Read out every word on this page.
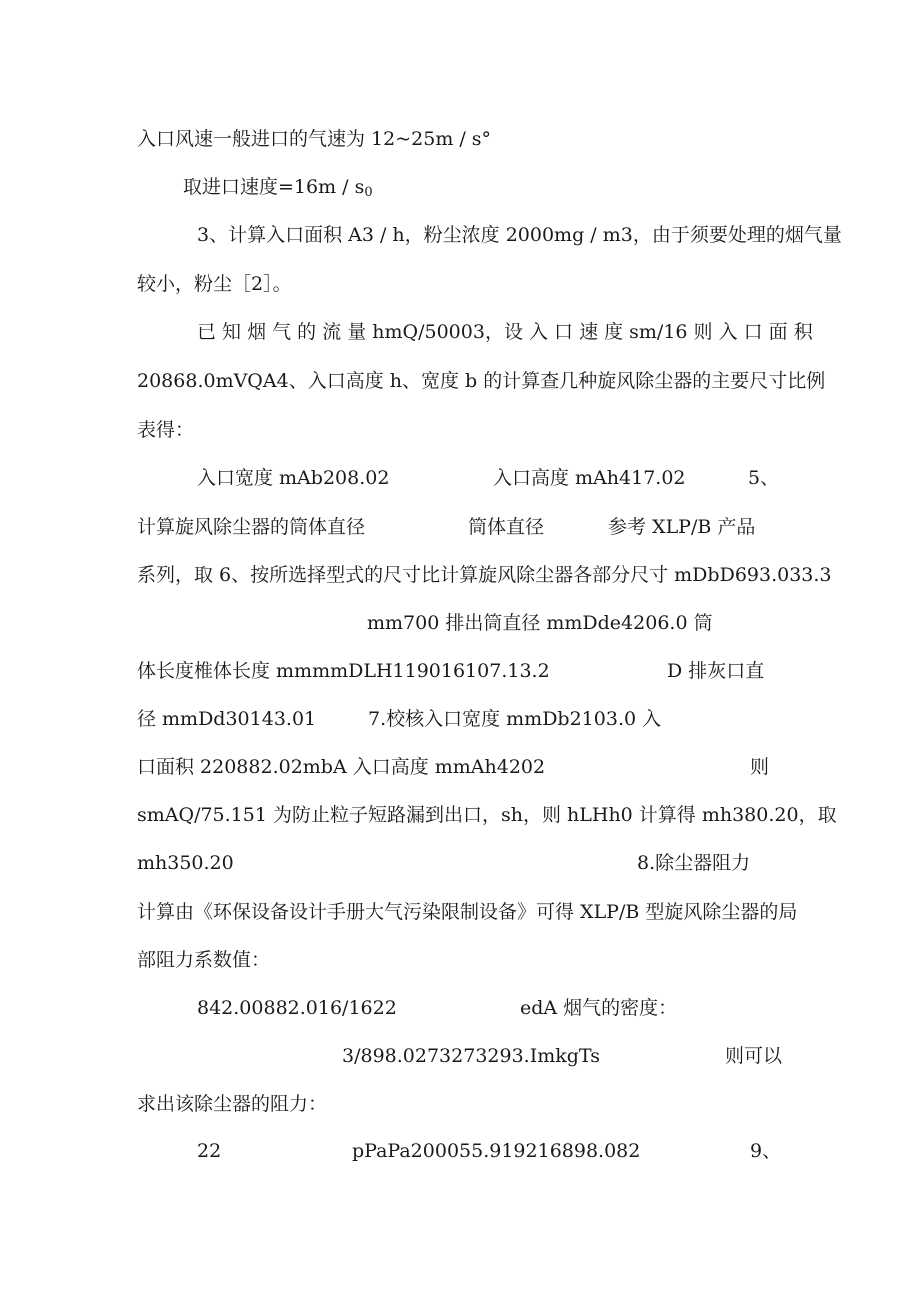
入口风速一般进口的气速为 12~25m / s°
取进口速度$=16m / s_0$
3、计算入口面积 A3 / h，粉尘浓度 2000mg / m3，由于须要处理的烟气量
较小，粉尘［2］。
已 知 烟 气 的 流 量 hmQ/50003，设 入 口 速 度 sm/16 则 入 口 面 积
20868.0mVQA4、入口高度 h、宽度 b 的计算查几种旋风除尘器的主要尺寸比例
表得：
入口宽度 mAb208.02	入口高度 mAh417.02	5、
计算旋风除尘器的筒体直径	筒体直径	参考 XLP/B 产品
系列，取 6、按所选择型式的尺寸比计算旋风除尘器各部分尺寸 mDbD693.033.3
mm700 排出筒直径 mmDde4206.0 筒
体长度椎体长度 mmmmDLH119016107.13.2	D 排灰口直
径 mmDd30143.01	7.校核入口宽度 mmDb2103.0 入
口面积 220882.02mbA 入口高度 mmAh4202	则
smAQ/75.151 为防止粒子短路漏到出口，sh，则 hLHh0 计算得 mh380.20，取
mh350.20	8.除尘器阻力
计算由《环保设备设计手册大气污染限制设备》可得 XLP/B 型旋风除尘器的局
部阻力系数值：
842.00882.016/1622	edA 烟气的密度：
3/898.0273273293.ImkgTs	则可以
求出该除尘器的阻力：
22	pPaPa200055.919216898.082	9、
